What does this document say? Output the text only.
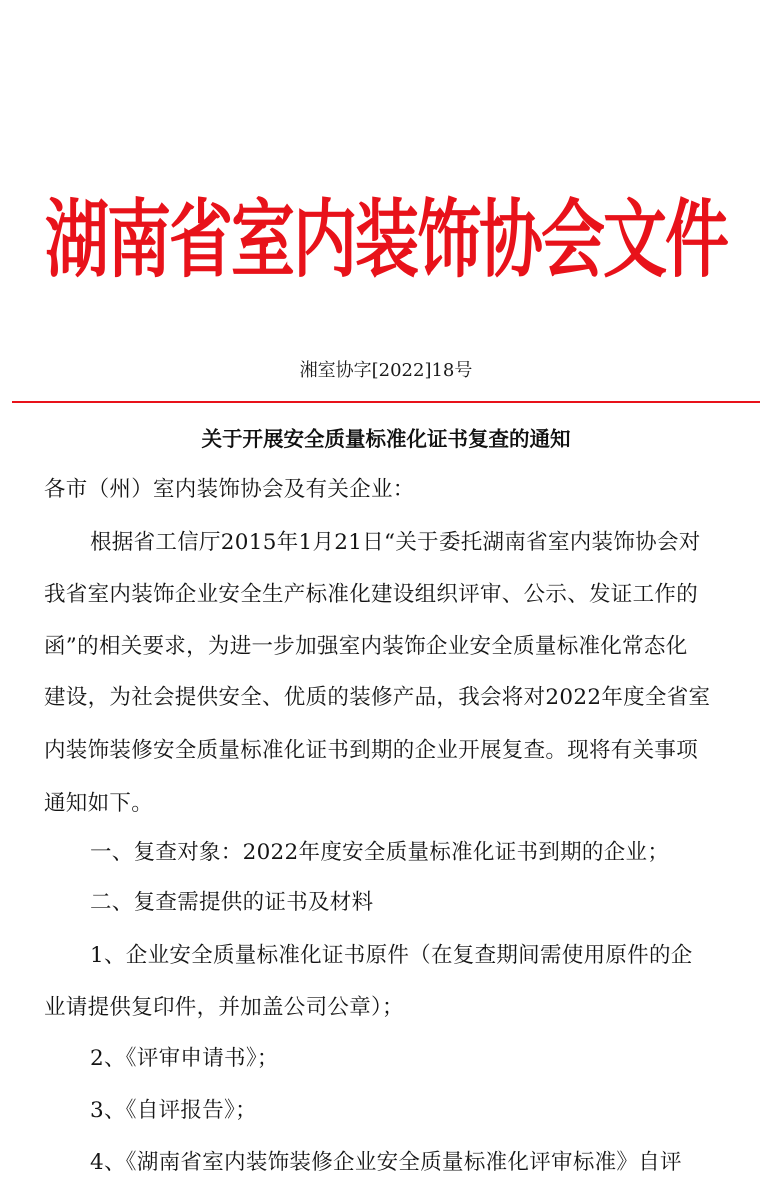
湖南省室内装饰协会文件
湘室协字[2022]18号
关于开展安全质量标准化证书复查的通知
各市（州）室内装饰协会及有关企业：
根据省工信厅2015年1月21日“关于委托湖南省室内装饰协会对
我省室内装饰企业安全生产标准化建设组织评审、公示、发证工作的
函”的相关要求，为进一步加强室内装饰企业安全质量标准化常态化
建设，为社会提供安全、优质的装修产品，我会将对2022年度全省室
内装饰装修安全质量标准化证书到期的企业开展复查。现将有关事项
通知如下。
一、复查对象：2022年度安全质量标准化证书到期的企业；
二、复查需提供的证书及材料
1、企业安全质量标准化证书原件（在复查期间需使用原件的企
业请提供复印件，并加盖公司公章）；
2、《评审申请书》；
3、《自评报告》；
4、《湖南省室内装饰装修企业安全质量标准化评审标准》自评
